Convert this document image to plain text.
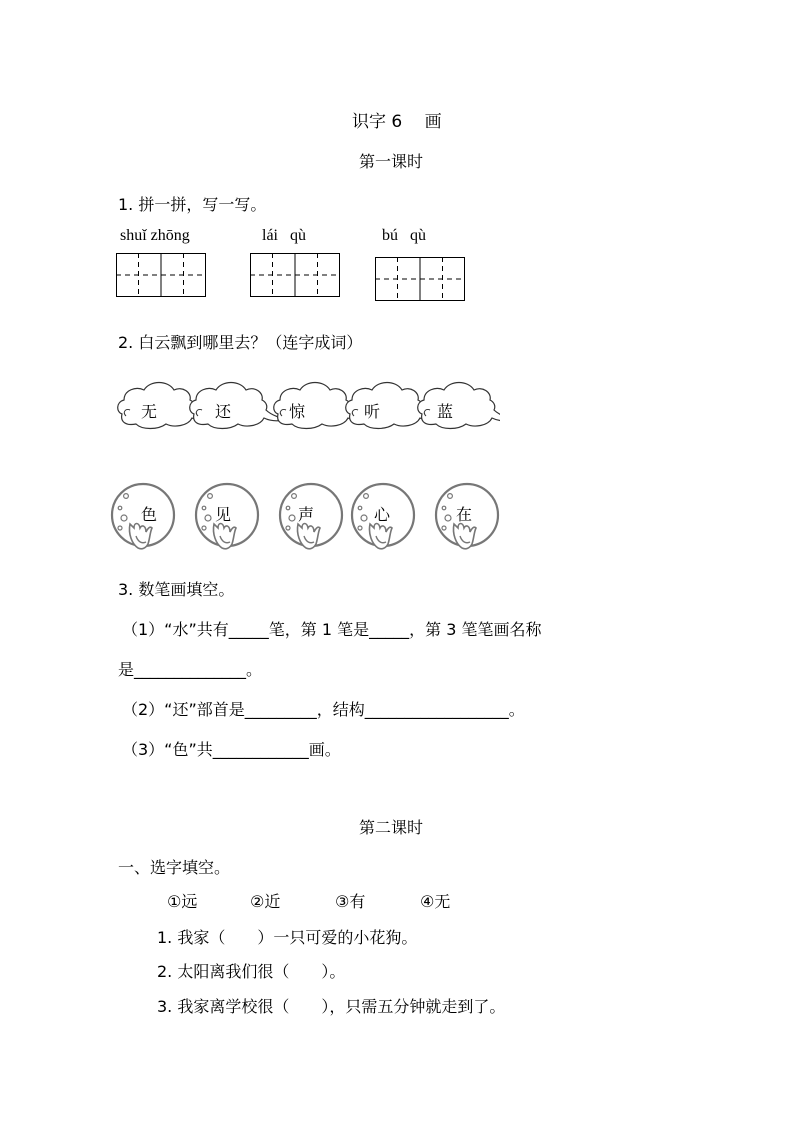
识字 6　 画
第一课时
1. 拼一拼，写一写。
shuǐ zhōng	lái   qù	bú   qù
2. 白云飘到哪里去？（连字成词）
无	还	惊	听	蓝
色	见	声	心	在
3. 数笔画填空。
（1）“水”共有_____笔，第 1 笔是_____，第 3 笔笔画名称
是______________。
（2）“还”部首是_________，结构__________________。
（3）“色”共____________画。
第二课时
一、选字填空。
①远	②近	③有	④无
1. 我家（　　）一只可爱的小花狗。
2. 太阳离我们很（　　）。
3. 我家离学校很（　　），只需五分钟就走到了。
